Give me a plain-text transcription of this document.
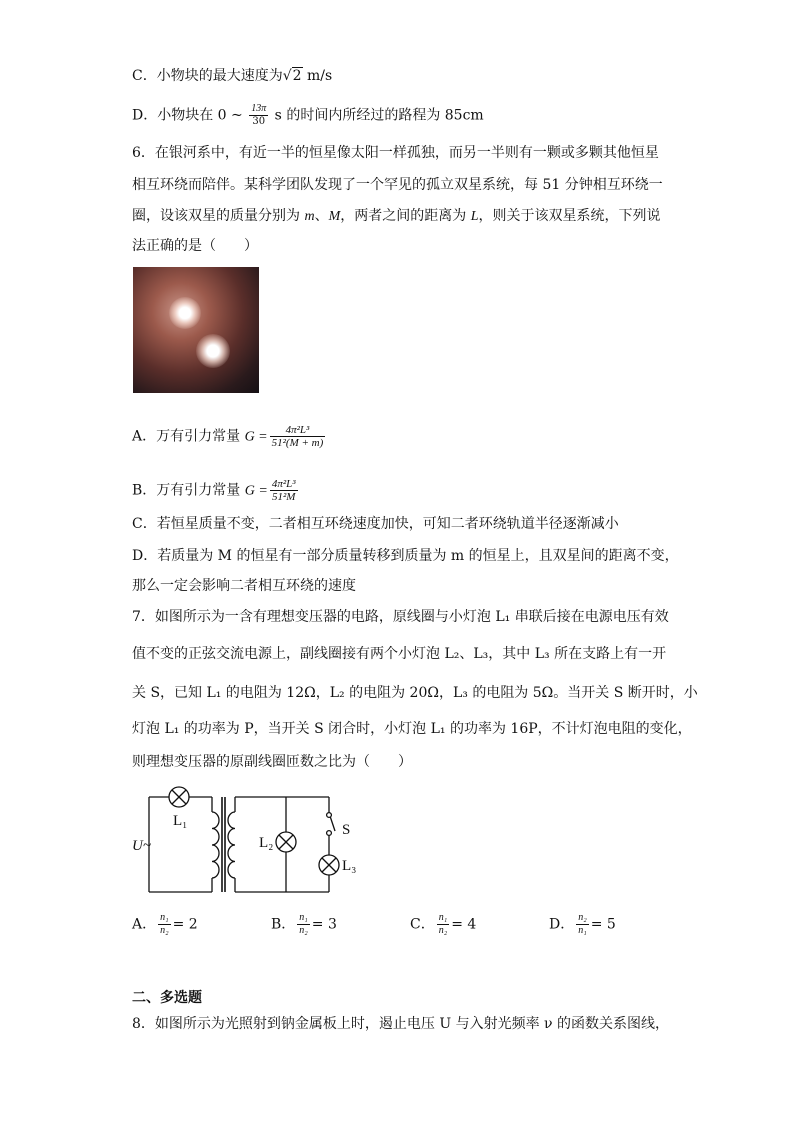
C．小物块的最大速度为√2 m/s
D．小物块在 0 ~ $\frac{13\pi}{30}$ s 的时间内所经过的路程为 85cm
6．在银河系中，有近一半的恒星像太阳一样孤独，而另一半则有一颗或多颗其他恒星
相互环绕而陪伴。某科学团队发现了一个罕见的孤立双星系统，每 51 分钟相互环绕一
圈，设该双星的质量分别为 m、M，两者之间的距离为 L，则关于该双星系统，下列说
法正确的是（　　）
A．万有引力常量 $G = \frac{\text{4π²L³}}{\text{51²(M + m)}}$
B．万有引力常量 $G = \frac{\text{4π²L³}}{\text{51²M}}$
C．若恒星质量不变，二者相互环绕速度加快，可知二者环绕轨道半径逐渐减小
D．若质量为 M 的恒星有一部分质量转移到质量为 m 的恒星上，且双星间的距离不变，
那么一定会影响二者相互环绕的速度
7．如图所示为一含有理想变压器的电路，原线圈与小灯泡 L₁ 串联后接在电源电压有效
值不变的正弦交流电源上，副线圈接有两个小灯泡 L₂、L₃，其中 L₃ 所在支路上有一开
关 S，已知 L₁ 的电阻为 12Ω，L₂ 的电阻为 20Ω，L₃ 的电阻为 5Ω。当开关 S 断开时，小
灯泡 L₁ 的功率为 P，当开关 S 闭合时，小灯泡 L₁ 的功率为 16P，不计灯泡电阻的变化，
则理想变压器的原副线圈匝数之比为（　　）
U~
L₁
L₂
L₃
S
A． $\frac{\text{n₁}}{\text{n₂}} = 2$	B． $\frac{\text{n₁}}{\text{n₂}} = 3$	C． $\frac{\text{n₁}}{\text{n₂}} = 4$	D． $\frac{\text{n₂}}{\text{n₁}} = 5$
二、多选题
8．如图所示为光照射到钠金属板上时，遏止电压 U 与入射光频率 ν 的函数关系图线，
